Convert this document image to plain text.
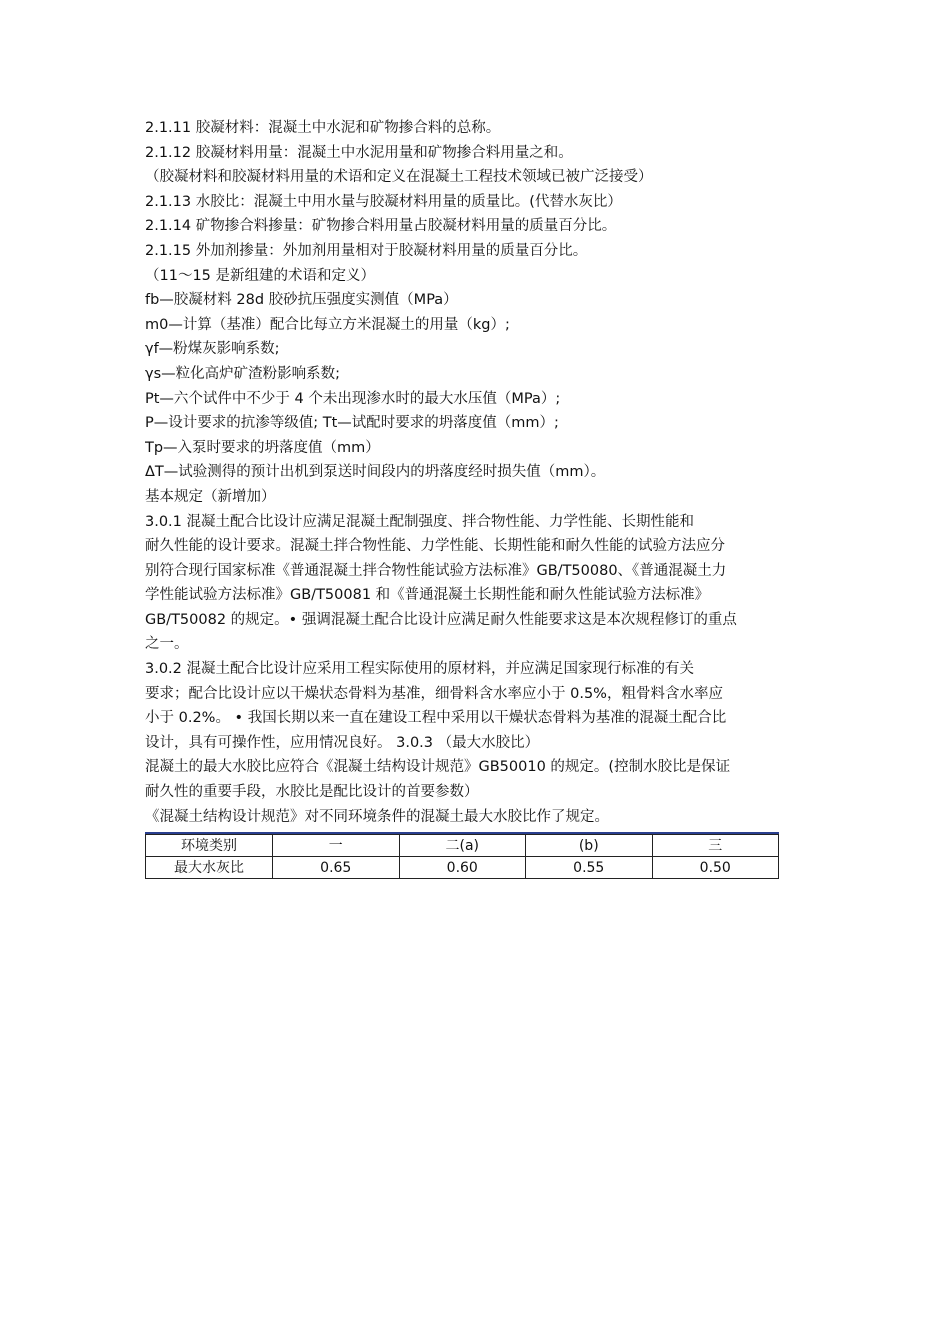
2.1.11 胶凝材料：混凝土中水泥和矿物掺合料的总称。
2.1.12 胶凝材料用量：混凝土中水泥用量和矿物掺合料用量之和。
（胶凝材料和胶凝材料用量的术语和定义在混凝土工程技术领域已被广泛接受）
2.1.13 水胶比：混凝土中用水量与胶凝材料用量的质量比。(代替水灰比）
2.1.14 矿物掺合料掺量：矿物掺合料用量占胶凝材料用量的质量百分比。
2.1.15 外加剂掺量：外加剂用量相对于胶凝材料用量的质量百分比。
（11～15 是新组建的术语和定义）
fb—胶凝材料 28d 胶砂抗压强度实测值（MPa）
m0—计算（基准）配合比每立方米混凝土的用量（kg）;
γf—粉煤灰影响系数;
γs—粒化高炉矿渣粉影响系数;
Pt—六个试件中不少于 4 个未出现渗水时的最大水压值（MPa）;
P—设计要求的抗渗等级值; Tt—试配时要求的坍落度值（mm）;
Tp—入泵时要求的坍落度值（mm）
ΔT—试验测得的预计出机到泵送时间段内的坍落度经时损失值（mm）。
基本规定（新增加）
3.0.1 混凝土配合比设计应满足混凝土配制强度、拌合物性能、力学性能、长期性能和
耐久性能的设计要求。混凝土拌合物性能、力学性能、长期性能和耐久性能的试验方法应分
别符合现行国家标准《普通混凝土拌合物性能试验方法标准》GB/T50080、《普通混凝土力
学性能试验方法标准》GB/T50081 和《普通混凝土长期性能和耐久性能试验方法标准》
GB/T50082 的规定。• 强调混凝土配合比设计应满足耐久性能要求这是本次规程修订的重点
之一。
3.0.2 混凝土配合比设计应采用工程实际使用的原材料，并应满足国家现行标准的有关
要求；配合比设计应以干燥状态骨料为基准，细骨料含水率应小于 0.5%，粗骨料含水率应
小于 0.2%。 • 我国长期以来一直在建设工程中采用以干燥状态骨料为基准的混凝土配合比
设计，具有可操作性，应用情况良好。 3.0.3 （最大水胶比）
混凝土的最大水胶比应符合《混凝土结构设计规范》GB50010 的规定。(控制水胶比是保证
耐久性的重要手段，水胶比是配比设计的首要参数）
《混凝土结构设计规范》对不同环境条件的混凝土最大水胶比作了规定。
环境类别	一	二(a)	(b)	三
最大水灰比	0.65	0.60	0.55	0.50
